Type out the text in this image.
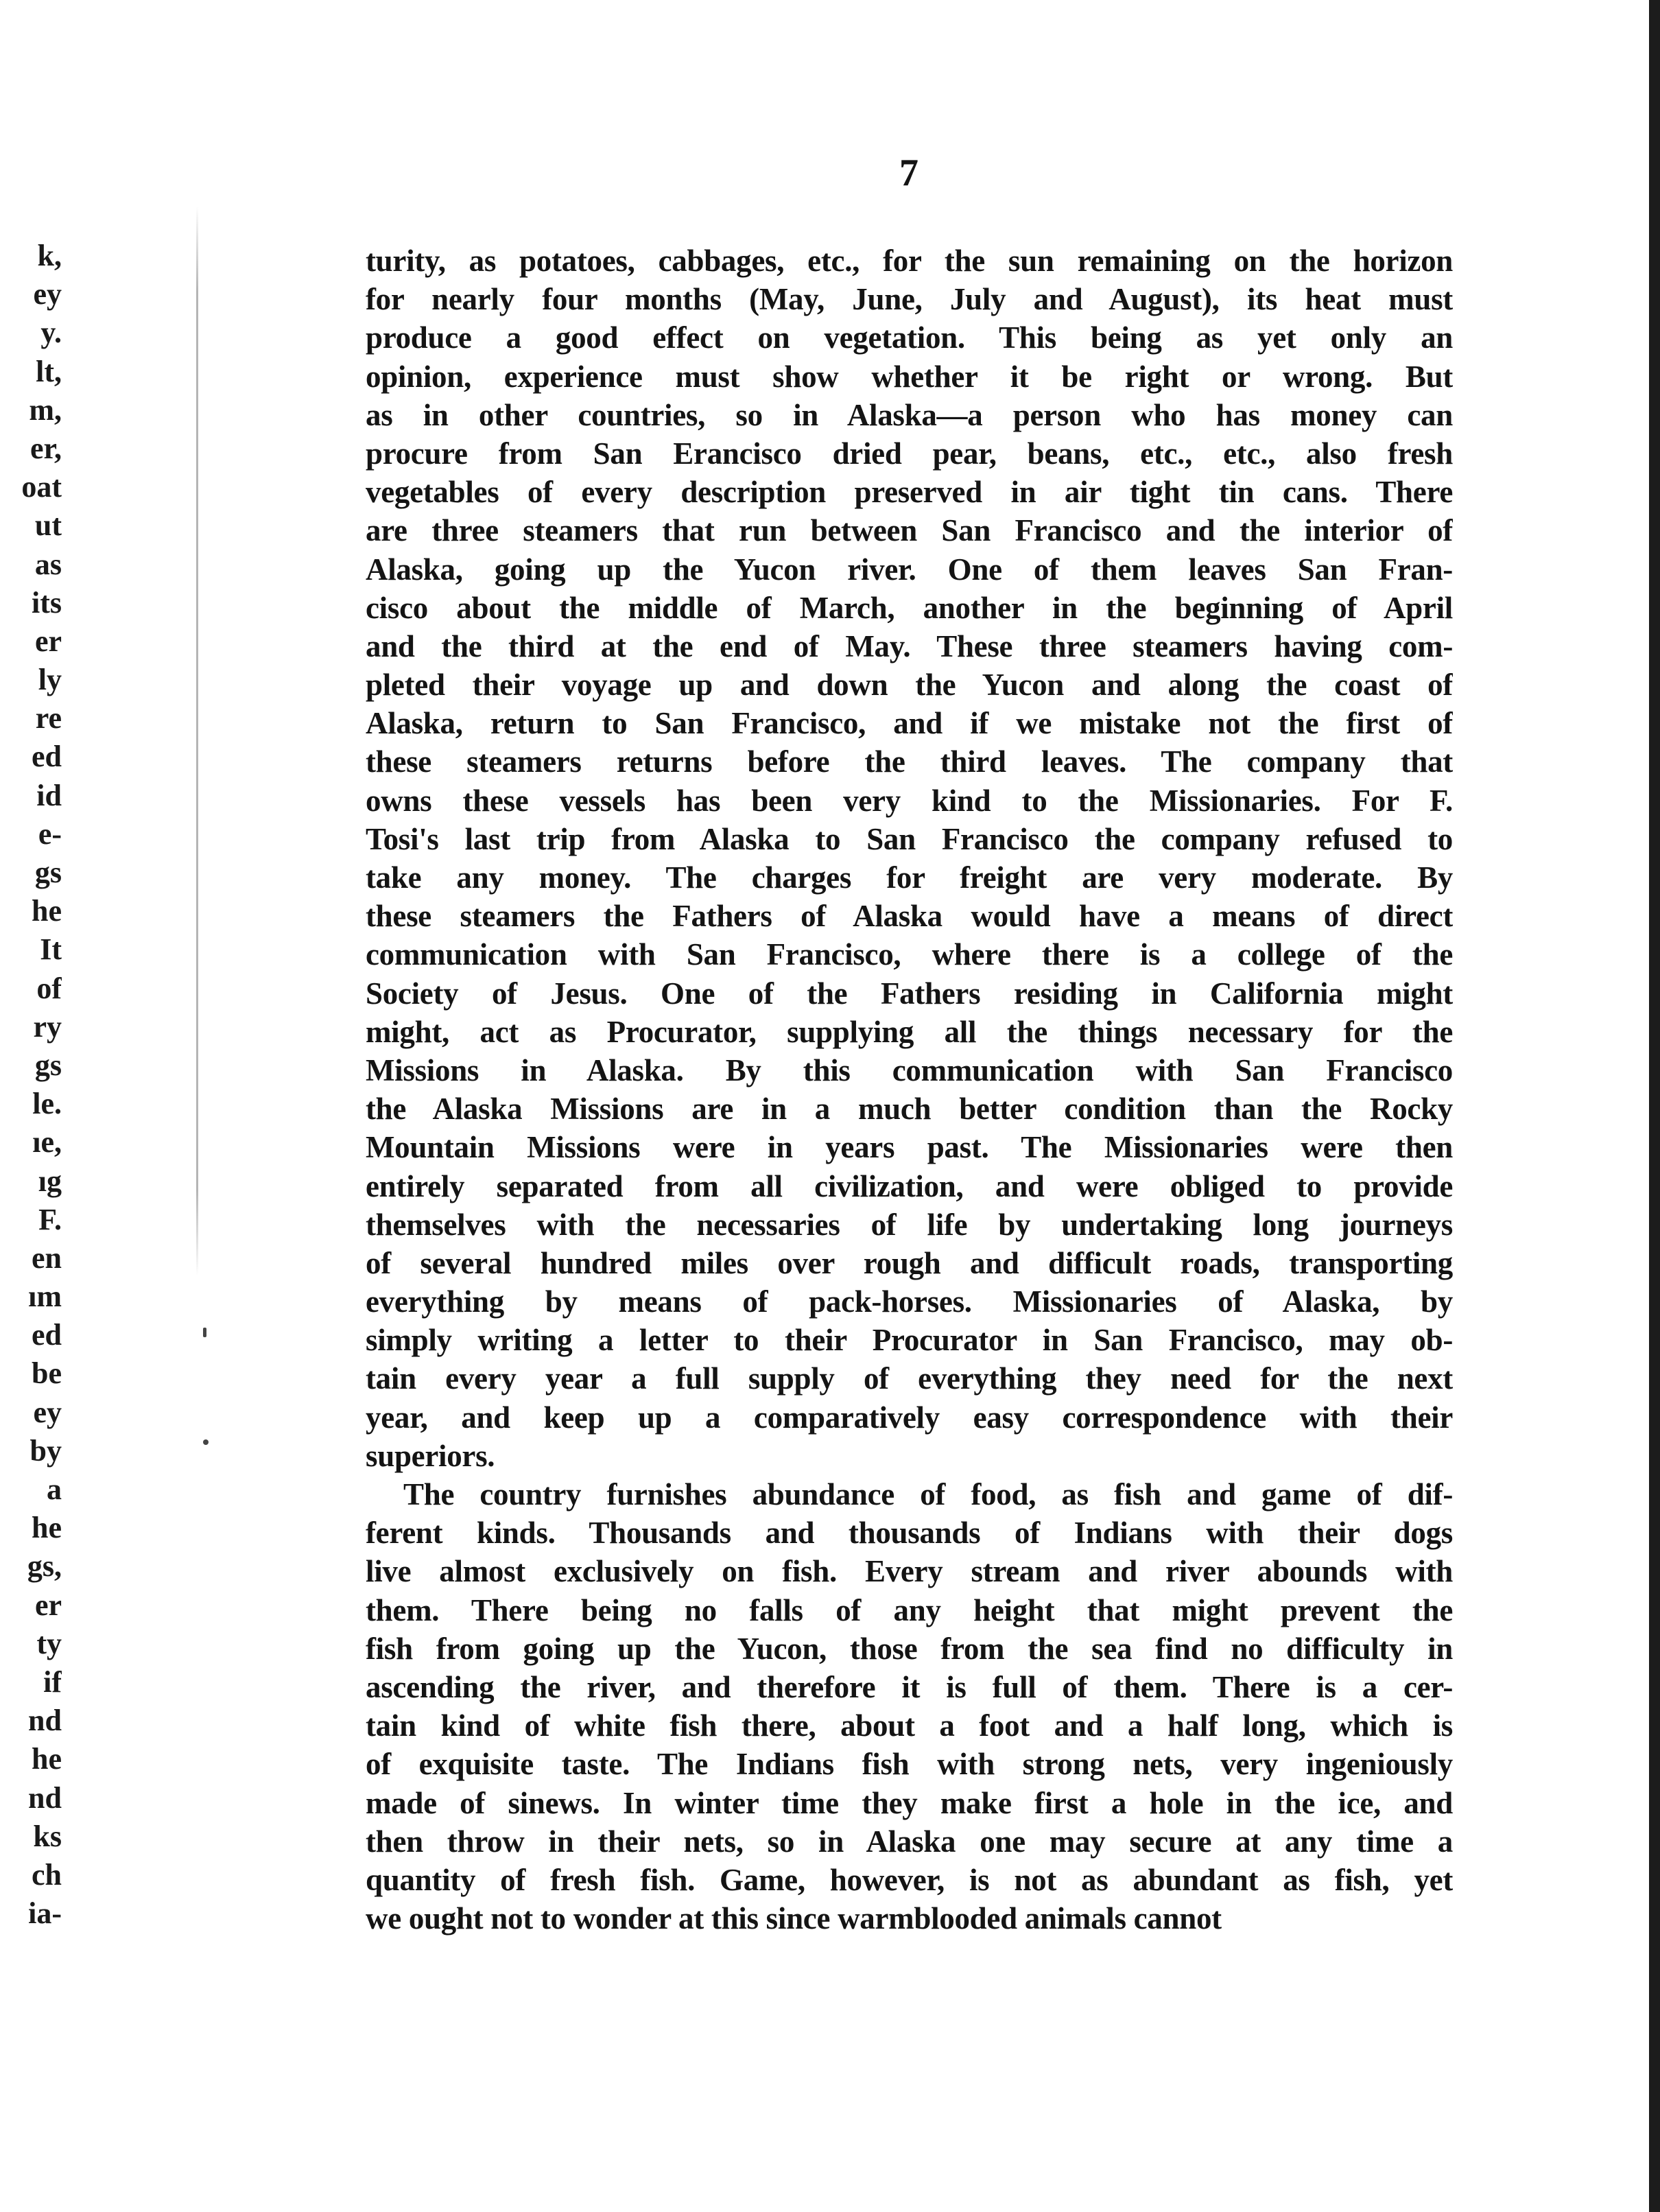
k,
ey
y.
lt,
m,
er,
oat
ut
as
its
er
ly
re
ed
id
e-
gs
he
It
of
ry
gs
le.
ıe,
ıg
F.
en
ım
ed
be
ey
by
a
he
gs,
er
ty
if
nd
he
nd
ks
ch
ia-
7
turity, as potatoes, cabbages, etc., for the sun remaining on the horizon
for nearly four months (May, June, July and August), its heat must
produce a good effect on vegetation. This being as yet only an
opinion, experience must show whether it be right or wrong. But
as in other countries, so in Alaska—a person who has money can
procure from San Erancisco dried pear, beans, etc., etc., also fresh
vegetables of every description preserved in air tight tin cans. There
are three steamers that run between San Francisco and the interior of
Alaska, going up the Yucon river. One of them leaves San Fran-
cisco about the middle of March, another in the beginning of April
and the third at the end of May. These three steamers having com-
pleted their voyage up and down the Yucon and along the coast of
Alaska, return to San Francisco, and if we mistake not the first of
these steamers returns before the third leaves. The company that
owns these vessels has been very kind to the Missionaries. For F.
Tosi's last trip from Alaska to San Francisco the company refused to
take any money. The charges for freight are very moderate. By
these steamers the Fathers of Alaska would have a means of direct
communication with San Francisco, where there is a college of the
Society of Jesus. One of the Fathers residing in California might
might, act as Procurator, supplying all the things necessary for the
Missions in Alaska. By this communication with San Francisco
the Alaska Missions are in a much better condition than the Rocky
Mountain Missions were in years past. The Missionaries were then
entirely separated from all civilization, and were obliged to provide
themselves with the necessaries of life by undertaking long journeys
of several hundred miles over rough and difficult roads, transporting
everything by means of pack-horses. Missionaries of Alaska, by
simply writing a letter to their Procurator in San Francisco, may ob-
tain every year a full supply of everything they need for the next
year, and keep up a comparatively easy correspondence with their
superiors.
The country furnishes abundance of food, as fish and game of dif-
ferent kinds. Thousands and thousands of Indians with their dogs
live almost exclusively on fish. Every stream and river abounds with
them. There being no falls of any height that might prevent the
fish from going up the Yucon, those from the sea find no difficulty in
ascending the river, and therefore it is full of them. There is a cer-
tain kind of white fish there, about a foot and a half long, which is
of exquisite taste. The Indians fish with strong nets, very ingeniously
made of sinews. In winter time they make first a hole in the ice, and
then throw in their nets, so in Alaska one may secure at any time a
quantity of fresh fish. Game, however, is not as abundant as fish, yet
we ought not to wonder at this since warmblooded animals cannot
